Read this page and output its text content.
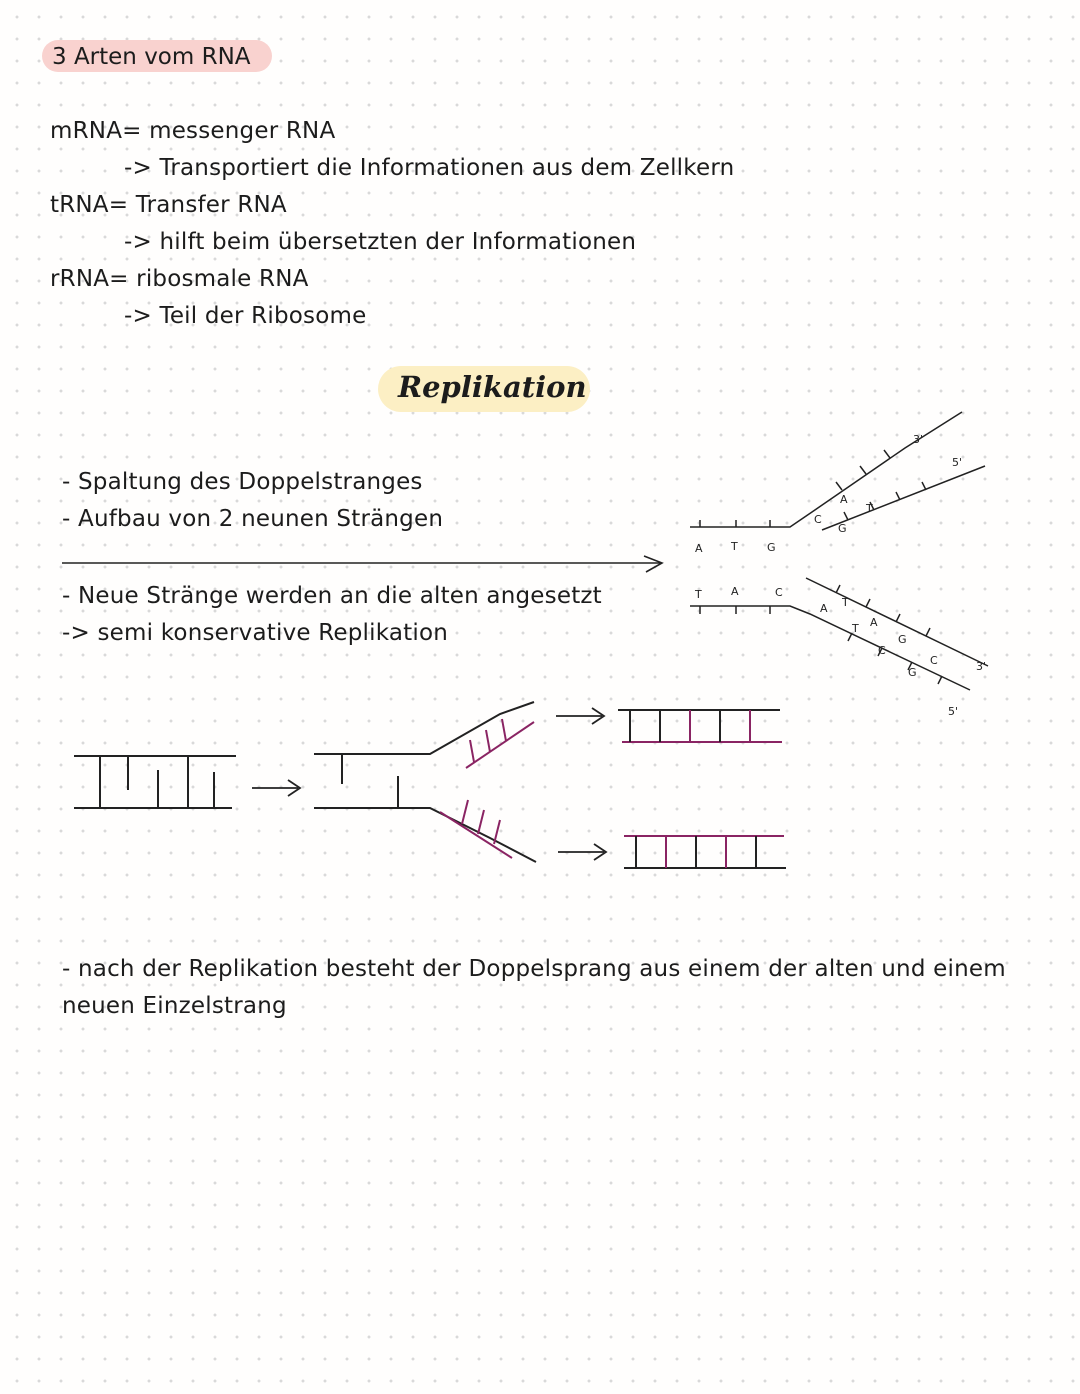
3 Arten vom RNA
mRNA= messenger RNA
-> Transportiert die Informationen aus dem Zellkern
tRNA= Transfer RNA
-> hilft beim übersetzten der Informationen
rRNA= ribosmale RNA
-> Teil der Ribosome
Replikation
- Spaltung des Doppelstranges
- Aufbau von 2 neunen Strängen
- Neue Stränge werden an die alten angesetzt
-> semi konservative Replikation
- nach der Replikation besteht der Doppelsprang aus einem der alten und einem
neuen Einzelstrang
A	T	G
T	A	C
C
A
G
T
A T
T A
C
G
G
C
3'
5'
3'
5'
